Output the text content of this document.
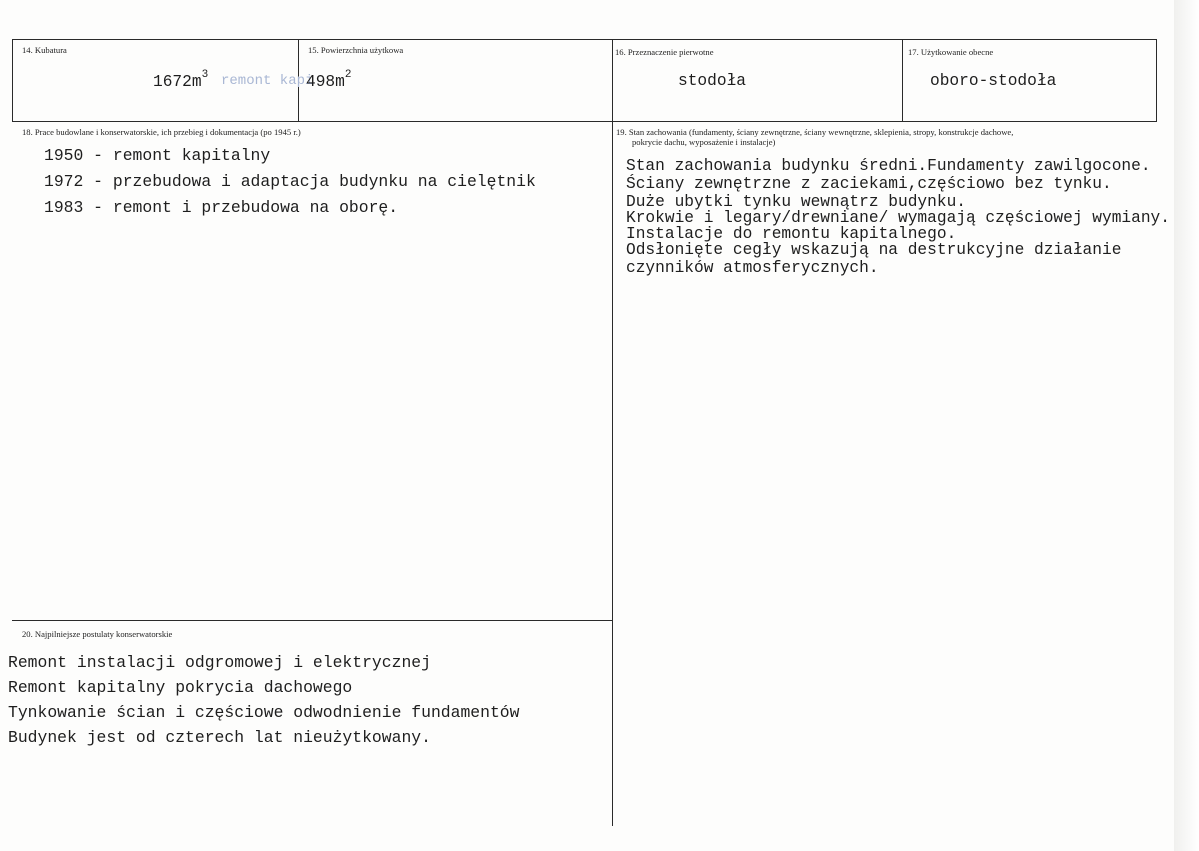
14. Kubatura
$1672m^3$
15. Powierzchnia użytkowa
remont kapi
$498m^2$
16. Przeznaczenie pierwotne
stodoła
17. Użytkowanie obecne
oboro-stodoła
18. Prace budowlane i konserwatorskie, ich przebieg i dokumentacja (po 1945 r.)
1950 - remont kapitalny
1972 - przebudowa i adaptacja budynku na cielętnik
1983 - remont i przebudowa na oborę.
19. Stan zachowania (fundamenty, ściany zewnętrzne, ściany wewnętrzne, sklepienia, stropy, konstrukcje dachowe,
pokrycie dachu, wyposażenie i instalacje)
Stan zachowania budynku średni.Fundamenty zawilgocone.
Ściany zewnętrzne z zaciekami,częściowo bez tynku.
Duże ubytki tynku wewnątrz budynku.
Krokwie i legary/drewniane/ wymagają częściowej wymiany.
Instalacje do remontu kapitalnego.
Odsłonięte cegły wskazują na destrukcyjne działanie
czynników atmosferycznych.
20. Najpilniejsze postulaty konserwatorskie
Remont instalacji odgromowej i elektrycznej
Remont kapitalny pokrycia dachowego
Tynkowanie ścian i częściowe odwodnienie fundamentów
Budynek jest od czterech lat nieużytkowany.
